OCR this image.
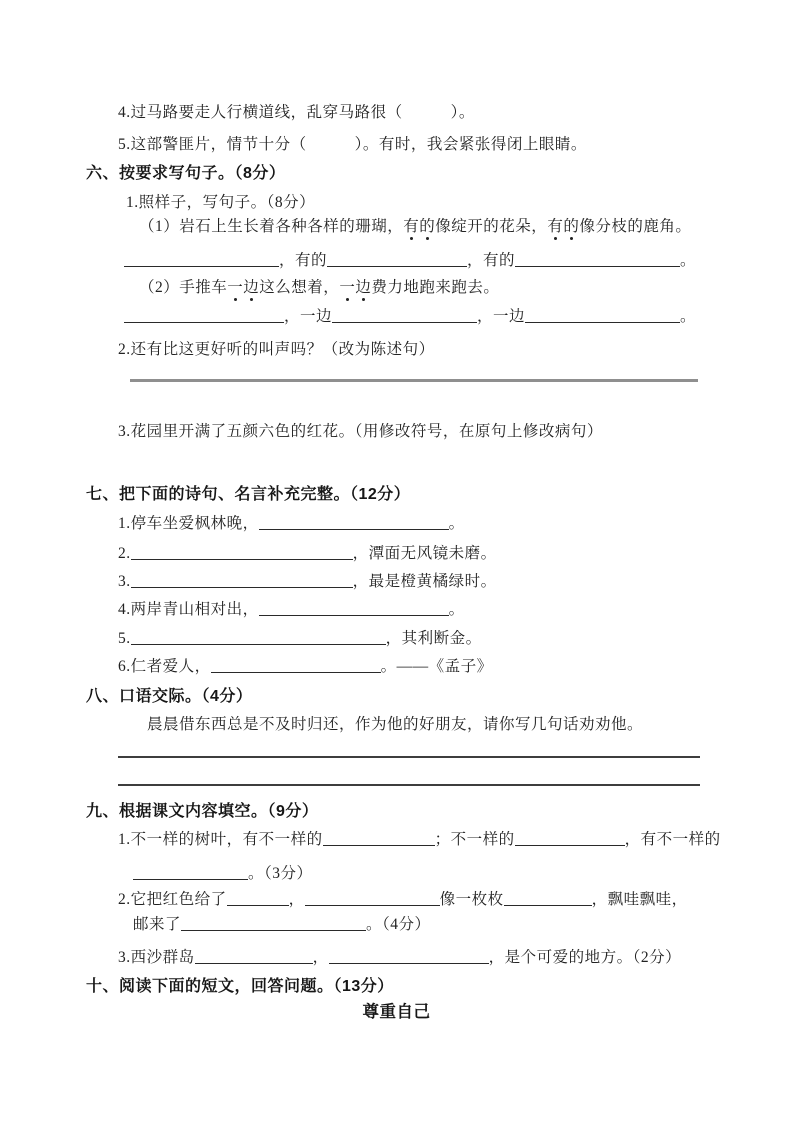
4.过马路要走人行横道线，乱穿马路很（　　　）。
5.这部警匪片，情节十分（　　　）。有时，我会紧张得闭上眼睛。
六、按要求写句子。（8分）
1.照样子，写句子。（8分）
（1）岩石上生长着各种各样的珊瑚，有的像绽开的花朵，有的像分枝的鹿角。
，有的	，有的	。
（2）手推车一边这么想着，一边费力地跑来跑去。
，一边	，一边	。
2.还有比这更好听的叫声吗？（改为陈述句）
3.花园里开满了五颜六色的红花。（用修改符号，在原句上修改病句）
七、把下面的诗句、名言补充完整。（12分）
1.停车坐爱枫林晚，	。
2.	，潭面无风镜未磨。
3.	，最是橙黄橘绿时。
4.两岸青山相对出，	。
5.	，其利断金。
6.仁者爱人，	。——《孟子》
八、口语交际。（4分）
晨晨借东西总是不及时归还，作为他的好朋友，请你写几句话劝劝他。
九、根据课文内容填空。（9分）
1.不一样的树叶，有不一样的	；不一样的	，有不一样的
。（3分）
2.它把红色给了	，	像一枚枚	，飘哇飘哇，
邮来了	。（4分）
3.西沙群岛	，	，是个可爱的地方。（2分）
十、阅读下面的短文，回答问题。（13分）
尊重自己
